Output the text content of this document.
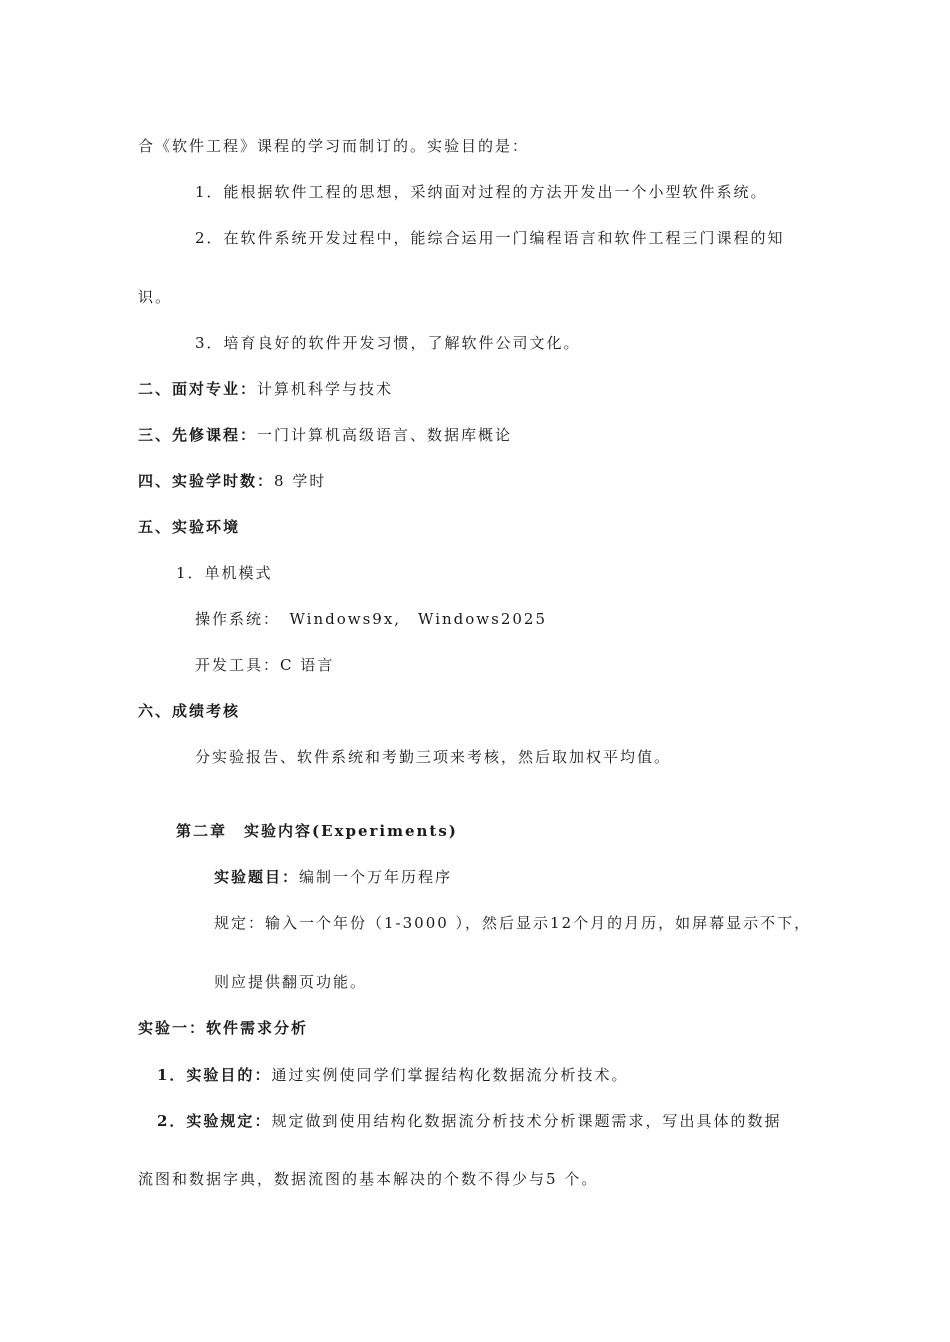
合《软件工程》课程的学习而制订的。实验目的是：
1．能根据软件工程的思想，采纳面对过程的方法开发出一个小型软件系统。
2．在软件系统开发过程中，能综合运用一门编程语言和软件工程三门课程的知
识。
3．培育良好的软件开发习惯，了解软件公司文化。
二、面对专业：计算机科学与技术
三、先修课程：一门计算机高级语言、数据库概论
四、实验学时数：8 学时
五、实验环境
1．单机模式
操作系统：　Windows9x,　Windows2025
开发工具：C 语言
六、成绩考核
分实验报告、软件系统和考勤三项来考核，然后取加权平均值。
第二章　实验内容(Experiments)
实验题目：编制一个万年历程序
规定：输入一个年份（1-3000 ），然后显示12个月的月历，如屏幕显示不下，
则应提供翻页功能。
实验一：软件需求分析
1．实验目的：通过实例使同学们掌握结构化数据流分析技术。
2．实验规定：规定做到使用结构化数据流分析技术分析课题需求，写出具体的数据
流图和数据字典，数据流图的基本解决的个数不得少与5 个。
